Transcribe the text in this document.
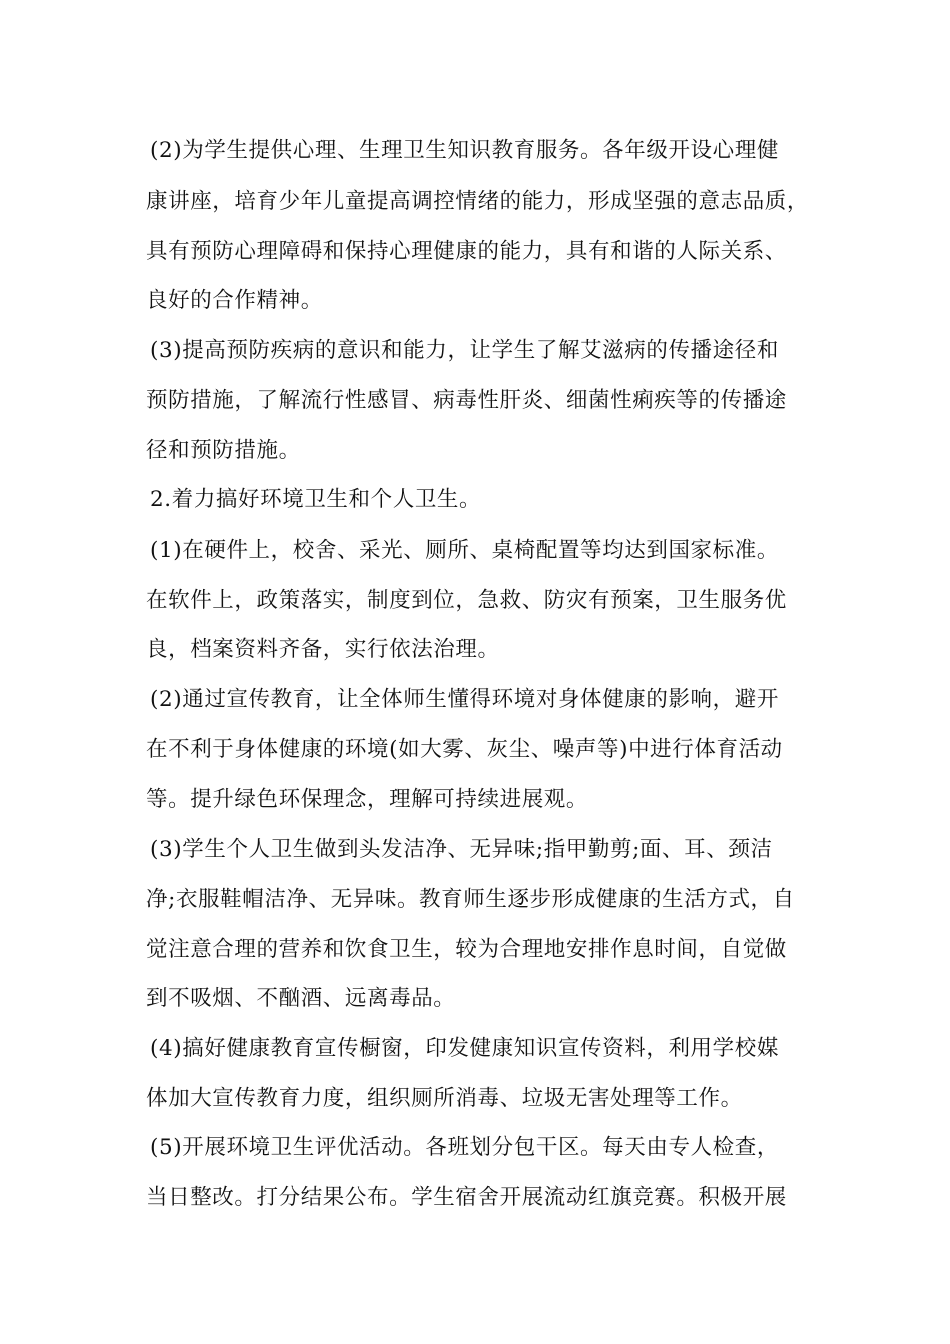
(2)为学生提供心理、生理卫生知识教育服务。各年级开设心理健
康讲座，培育少年儿童提高调控情绪的能力，形成坚强的意志品质，
具有预防心理障碍和保持心理健康的能力，具有和谐的人际关系、
良好的合作精神。
(3)提高预防疾病的意识和能力，让学生了解艾滋病的传播途径和
预防措施，了解流行性感冒、病毒性肝炎、细菌性痢疾等的传播途
径和预防措施。
2.着力搞好环境卫生和个人卫生。
(1)在硬件上，校舍、采光、厕所、桌椅配置等均达到国家标准。
在软件上，政策落实，制度到位，急救、防灾有预案，卫生服务优
良，档案资料齐备，实行依法治理。
(2)通过宣传教育，让全体师生懂得环境对身体健康的影响，避开
在不利于身体健康的环境(如大雾、灰尘、噪声等)中进行体育活动
等。提升绿色环保理念，理解可持续进展观。
(3)学生个人卫生做到头发洁净、无异味;指甲勤剪;面、耳、颈洁
净;衣服鞋帽洁净、无异味。教育师生逐步形成健康的生活方式，自
觉注意合理的营养和饮食卫生，较为合理地安排作息时间，自觉做
到不吸烟、不酗酒、远离毒品。
(4)搞好健康教育宣传橱窗，印发健康知识宣传资料，利用学校媒
体加大宣传教育力度，组织厕所消毒、垃圾无害处理等工作。
(5)开展环境卫生评优活动。各班划分包干区。每天由专人检查，
当日整改。打分结果公布。学生宿舍开展流动红旗竞赛。积极开展
